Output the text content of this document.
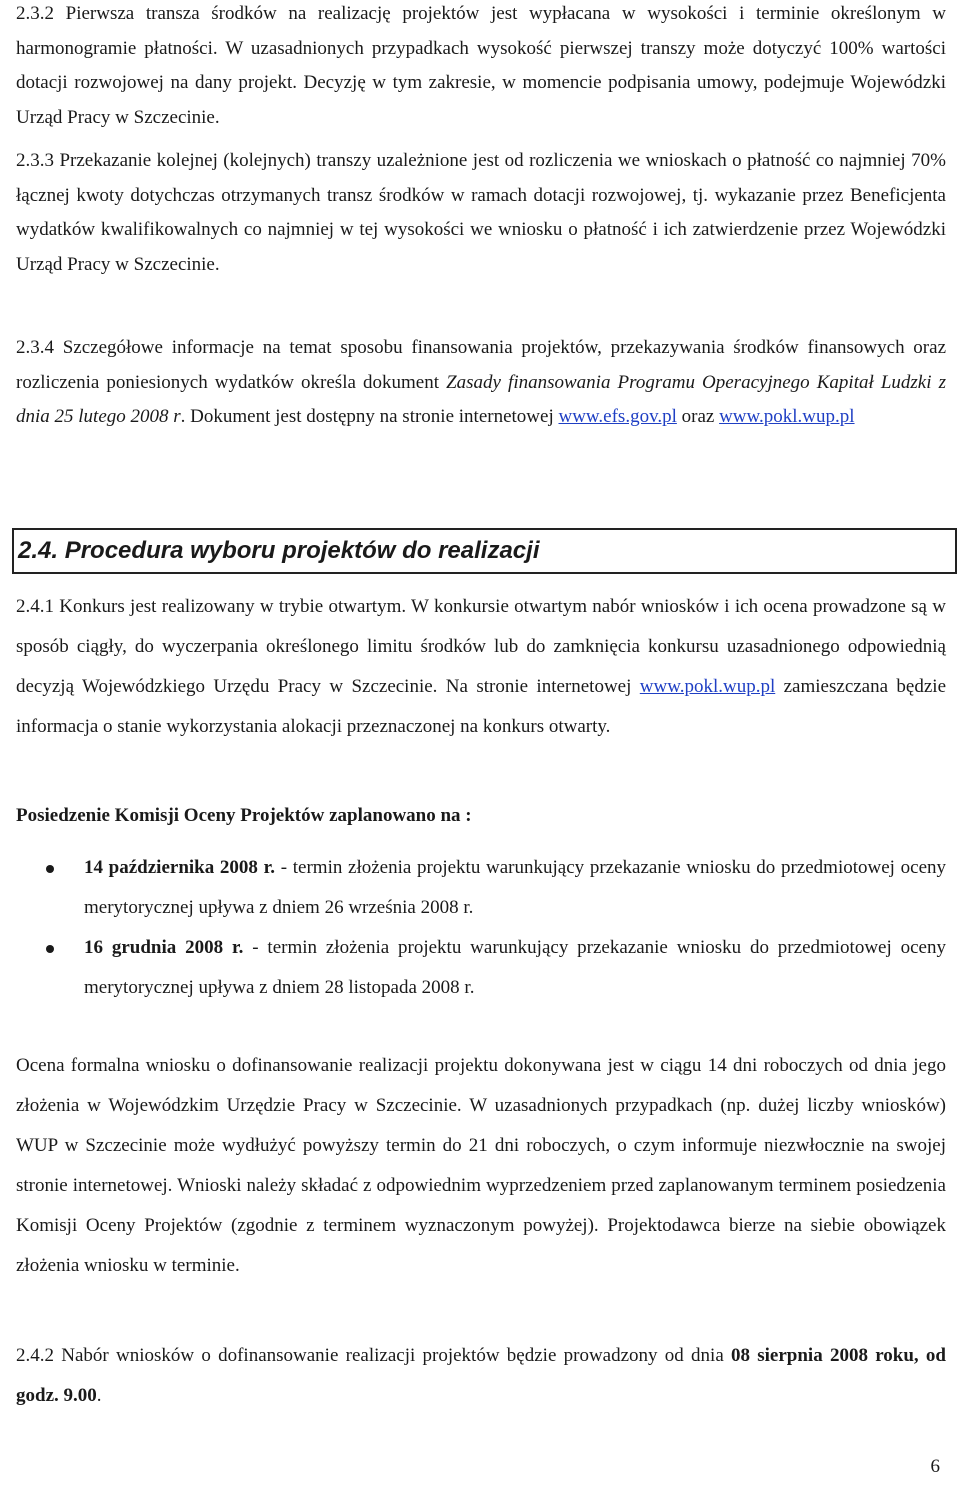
2.3.2 Pierwsza transza środków na realizację projektów jest wypłacana w wysokości i terminie określonym w harmonogramie płatności. W uzasadnionych przypadkach wysokość pierwszej transzy może dotyczyć 100% wartości dotacji rozwojowej na dany projekt. Decyzję w tym zakresie, w momencie podpisania umowy, podejmuje Wojewódzki Urząd Pracy w Szczecinie.

2.3.3 Przekazanie kolejnej (kolejnych) transzy uzależnione jest od rozliczenia we wnioskach o płatność co najmniej 70% łącznej kwoty dotychczas otrzymanych transz środków w ramach dotacji rozwojowej, tj. wykazanie przez Beneficjenta wydatków kwalifikowalnych co najmniej w tej wysokości we wniosku o płatność i ich zatwierdzenie przez Wojewódzki Urząd Pracy w Szczecinie.

2.3.4 Szczegółowe informacje na temat sposobu finansowania projektów, przekazywania środków finansowych oraz rozliczenia poniesionych wydatków określa dokument Zasady finansowania Programu Operacyjnego Kapitał Ludzki z dnia 25 lutego 2008 r. Dokument jest dostępny na stronie internetowej www.efs.gov.pl oraz www.pokl.wup.pl

2.4. Procedura wyboru projektów do realizacji

2.4.1 Konkurs jest realizowany w trybie otwartym. W konkursie otwartym nabór wniosków i ich ocena prowadzone są w sposób ciągły, do wyczerpania określonego limitu środków lub do zamknięcia konkursu uzasadnionego odpowiednią decyzją Wojewódzkiego Urzędu Pracy w Szczecinie. Na stronie internetowej www.pokl.wup.pl zamieszczana będzie informacja o stanie wykorzystania alokacji przeznaczonej na konkurs otwarty.

Posiedzenie Komisji Oceny Projektów zaplanowano na :

14 października 2008 r. - termin złożenia projektu warunkujący przekazanie wniosku do przedmiotowej oceny merytorycznej upływa z dniem 26 września 2008 r.
16 grudnia 2008 r. - termin złożenia projektu warunkujący przekazanie wniosku do przedmiotowej oceny merytorycznej upływa z dniem 28 listopada 2008 r.

Ocena formalna wniosku o dofinansowanie realizacji projektu dokonywana jest w ciągu 14 dni roboczych od dnia jego złożenia w Wojewódzkim Urzędzie Pracy w Szczecinie. W uzasadnionych przypadkach (np. dużej liczby wniosków) WUP w Szczecinie może wydłużyć powyższy termin do 21 dni roboczych, o czym informuje niezwłocznie na swojej stronie internetowej. Wnioski należy składać z odpowiednim wyprzedzeniem przed zaplanowanym terminem posiedzenia Komisji Oceny Projektów (zgodnie z terminem wyznaczonym powyżej). Projektodawca bierze na siebie obowiązek złożenia wniosku w terminie.

2.4.2 Nabór wniosków o dofinansowanie realizacji projektów będzie prowadzony od dnia 08 sierpnia 2008 roku, od godz. 9.00.

6
